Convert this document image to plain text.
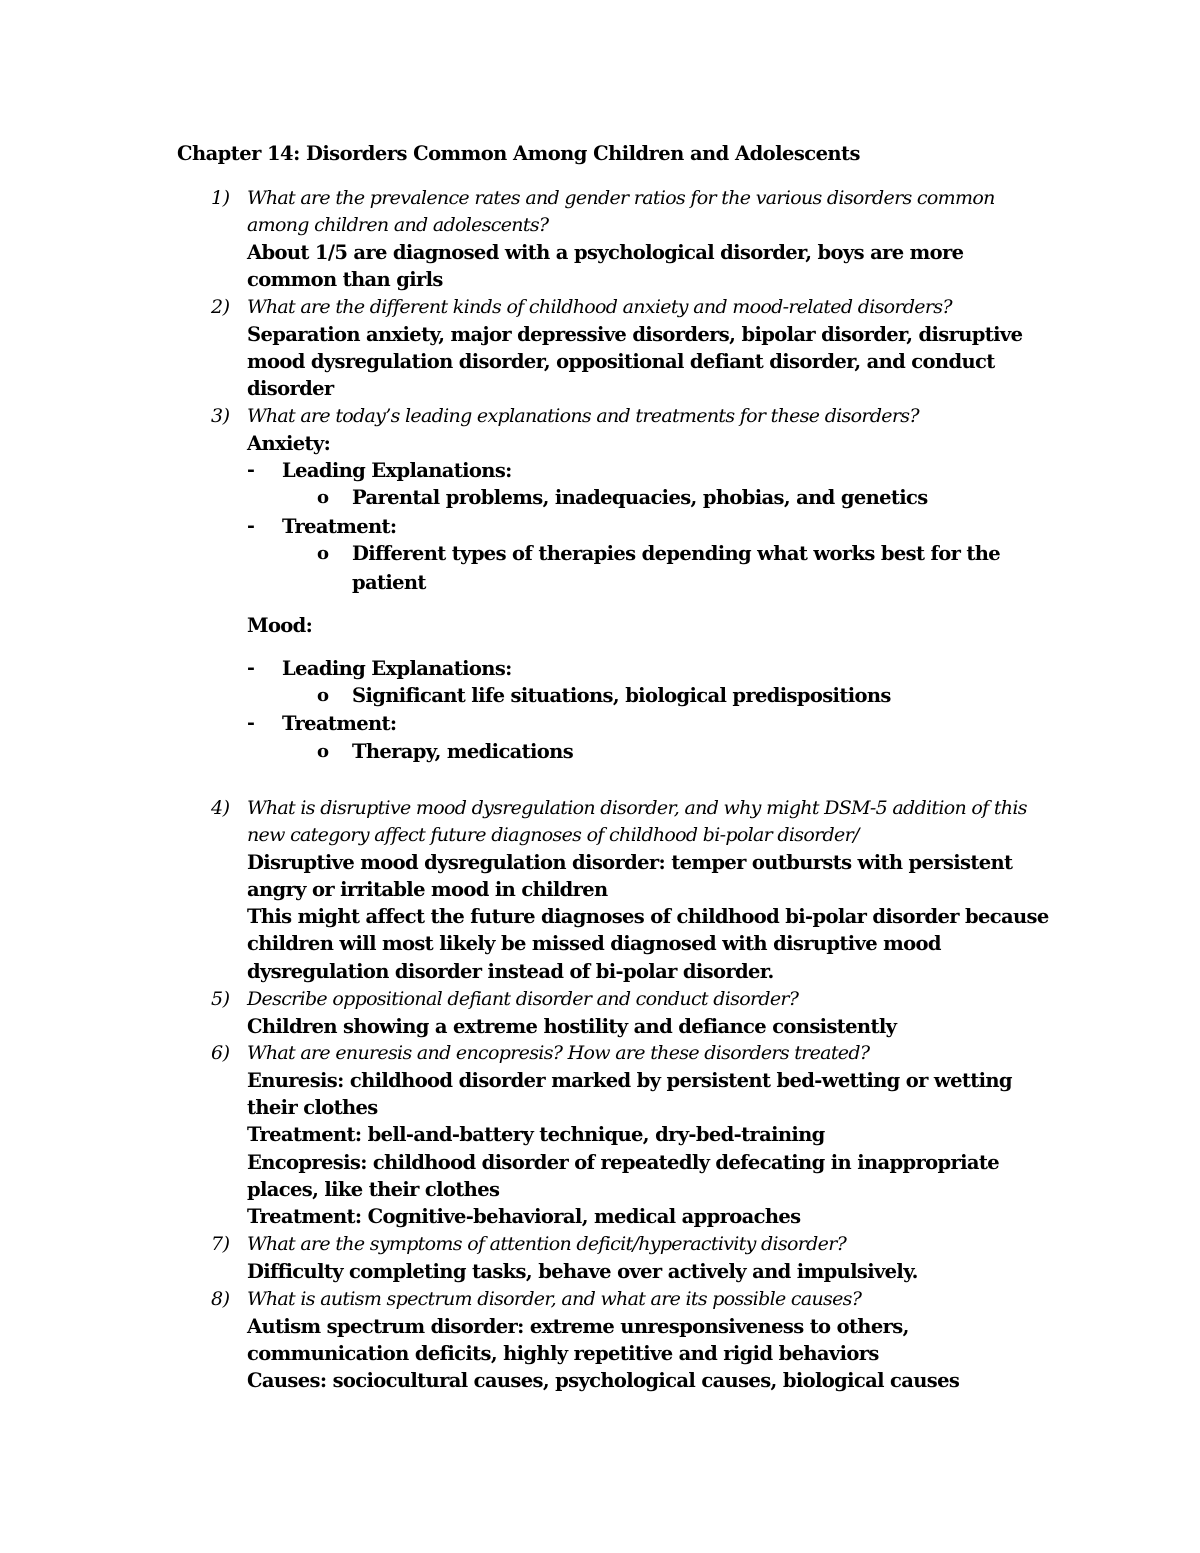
Chapter 14: Disorders Common Among Children and Adolescents
1) What are the prevalence rates and gender ratios for the various disorders common
among children and adolescents?
About 1/5 are diagnosed with a psychological disorder, boys are more
common than girls
2) What are the different kinds of childhood anxiety and mood-related disorders?
Separation anxiety, major depressive disorders, bipolar disorder, disruptive
mood dysregulation disorder, oppositional defiant disorder, and conduct
disorder
3) What are today’s leading explanations and treatments for these disorders?
Anxiety:
- Leading Explanations:
o Parental problems, inadequacies, phobias, and genetics
- Treatment:
o Different types of therapies depending what works best for the
patient
Mood:
- Leading Explanations:
o Significant life situations, biological predispositions
- Treatment:
o Therapy, medications
4) What is disruptive mood dysregulation disorder, and why might DSM-5 addition of this
new category affect future diagnoses of childhood bi-polar disorder/
Disruptive mood dysregulation disorder: temper outbursts with persistent
angry or irritable mood in children
This might affect the future diagnoses of childhood bi-polar disorder because
children will most likely be missed diagnosed with disruptive mood
dysregulation disorder instead of bi-polar disorder.
5) Describe oppositional defiant disorder and conduct disorder?
Children showing a extreme hostility and defiance consistently
6) What are enuresis and encopresis? How are these disorders treated?
Enuresis: childhood disorder marked by persistent bed-wetting or wetting
their clothes
Treatment: bell-and-battery technique, dry-bed-training
Encopresis: childhood disorder of repeatedly defecating in inappropriate
places, like their clothes
Treatment: Cognitive-behavioral, medical approaches
7) What are the symptoms of attention deficit/hyperactivity disorder?
Difficulty completing tasks, behave over actively and impulsively.
8) What is autism spectrum disorder, and what are its possible causes?
Autism spectrum disorder: extreme unresponsiveness to others,
communication deficits, highly repetitive and rigid behaviors
Causes: sociocultural causes, psychological causes, biological causes
